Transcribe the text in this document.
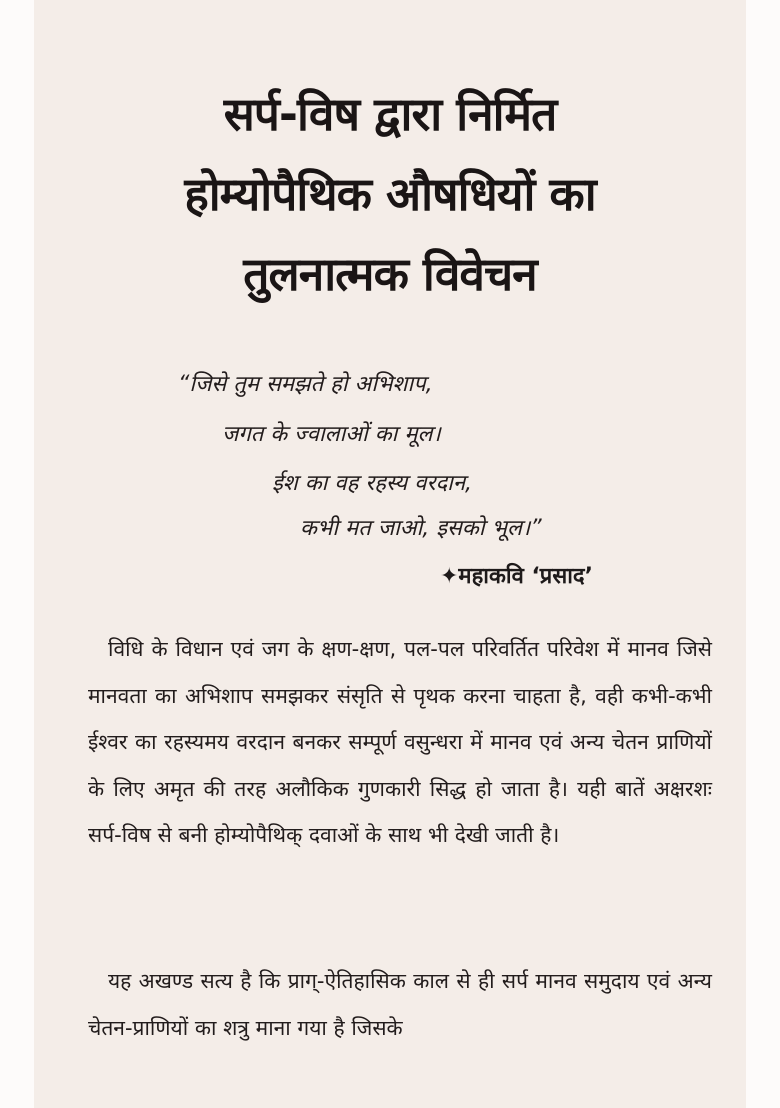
सर्प-विष द्वारा निर्मित
होम्योपैथिक औषधियों का
तुलनात्मक विवेचन
“जिसे तुम समझते हो अभिशाप,
जगत के ज्वालाओं का मूल।
ईश का वह रहस्य वरदान,
कभी मत जाओ, इसको भूल।”
✦महाकवि ‘प्रसाद’
विधि के विधान एवं जग के क्षण-क्षण, पल-पल परिवर्तित परिवेश में मानव जिसे मानवता का अभिशाप समझकर संसृति से पृथक करना चाहता है, वही कभी-कभी ईश्वर का रहस्यमय वरदान बनकर सम्पूर्ण वसुन्धरा में मानव एवं अन्य चेतन प्राणियों के लिए अमृत की तरह अलौकिक गुणकारी सिद्ध हो जाता है। यही बातें अक्षरशः सर्प-विष से बनी होम्योपैथिक् दवाओं के साथ भी देखी जाती है।
यह अखण्ड सत्य है कि प्राग्-ऐतिहासिक काल से ही सर्प मानव समुदाय एवं अन्य चेतन-प्राणियों का शत्रु माना गया है जिसके
